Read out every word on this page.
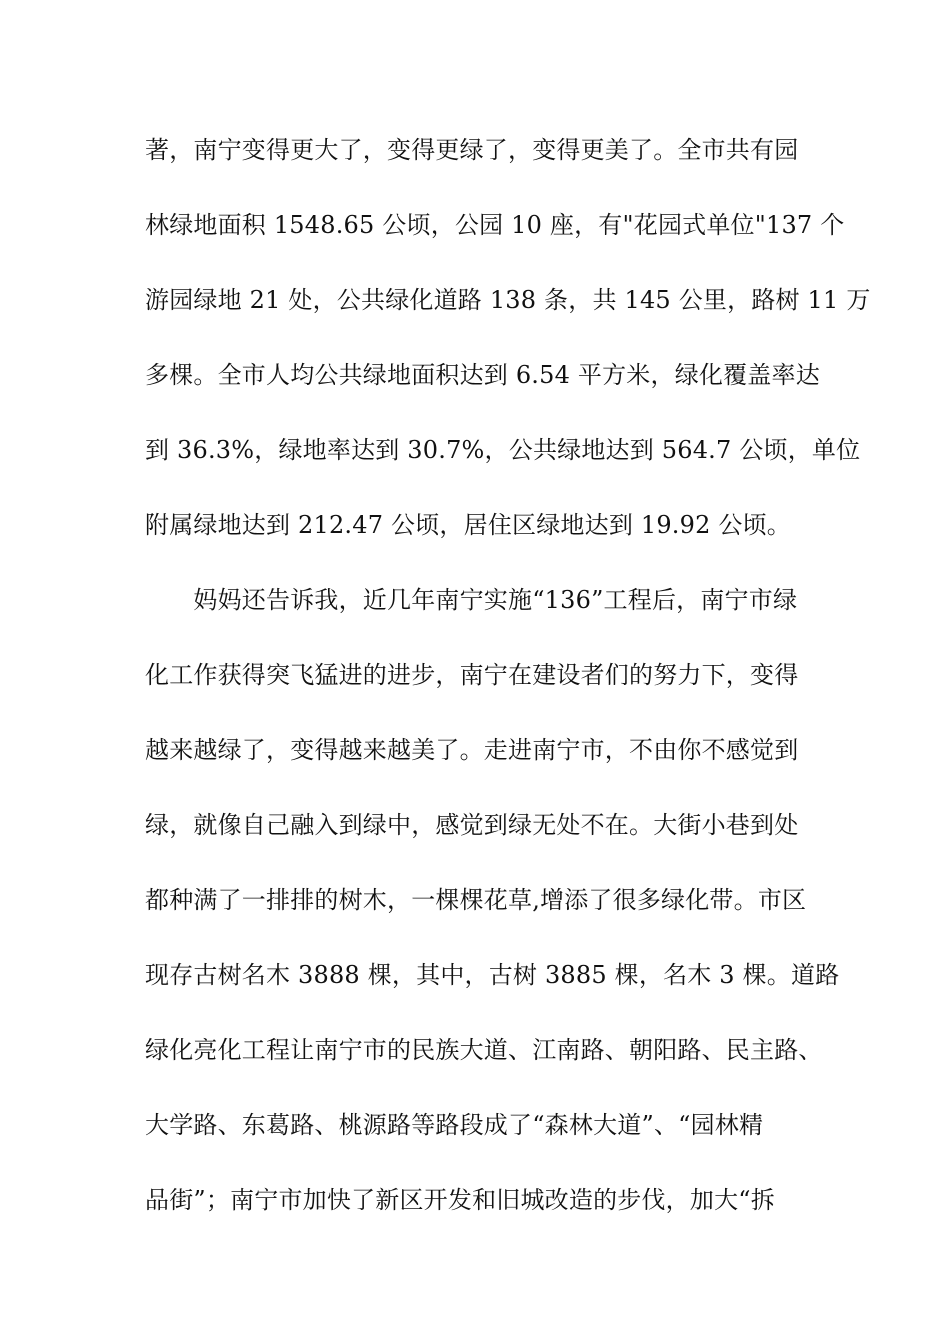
著，南宁变得更大了，变得更绿了，变得更美了。全市共有园
林绿地面积 1548.65 公顷，公园 10 座，有"花园式单位"137 个
游园绿地 21 处，公共绿化道路 138 条，共 145 公里，路树 11 万
多棵。全市人均公共绿地面积达到 6.54 平方米，绿化覆盖率达
到 36.3%，绿地率达到 30.7%，公共绿地达到 564.7 公顷，单位
附属绿地达到 212.47 公顷，居住区绿地达到 19.92 公顷。
　　妈妈还告诉我，近几年南宁实施“136”工程后，南宁市绿
化工作获得突飞猛进的进步，南宁在建设者们的努力下，变得
越来越绿了，变得越来越美了。走进南宁市，不由你不感觉到
绿，就像自己融入到绿中，感觉到绿无处不在。大街小巷到处
都种满了一排排的树木，一棵棵花草,增添了很多绿化带。市区
现存古树名木 3888 棵，其中，古树 3885 棵，名木 3 棵。道路
绿化亮化工程让南宁市的民族大道、江南路、朝阳路、民主路、
大学路、东葛路、桃源路等路段成了“森林大道”、“园林精
品街”；南宁市加快了新区开发和旧城改造的步伐，加大“拆
